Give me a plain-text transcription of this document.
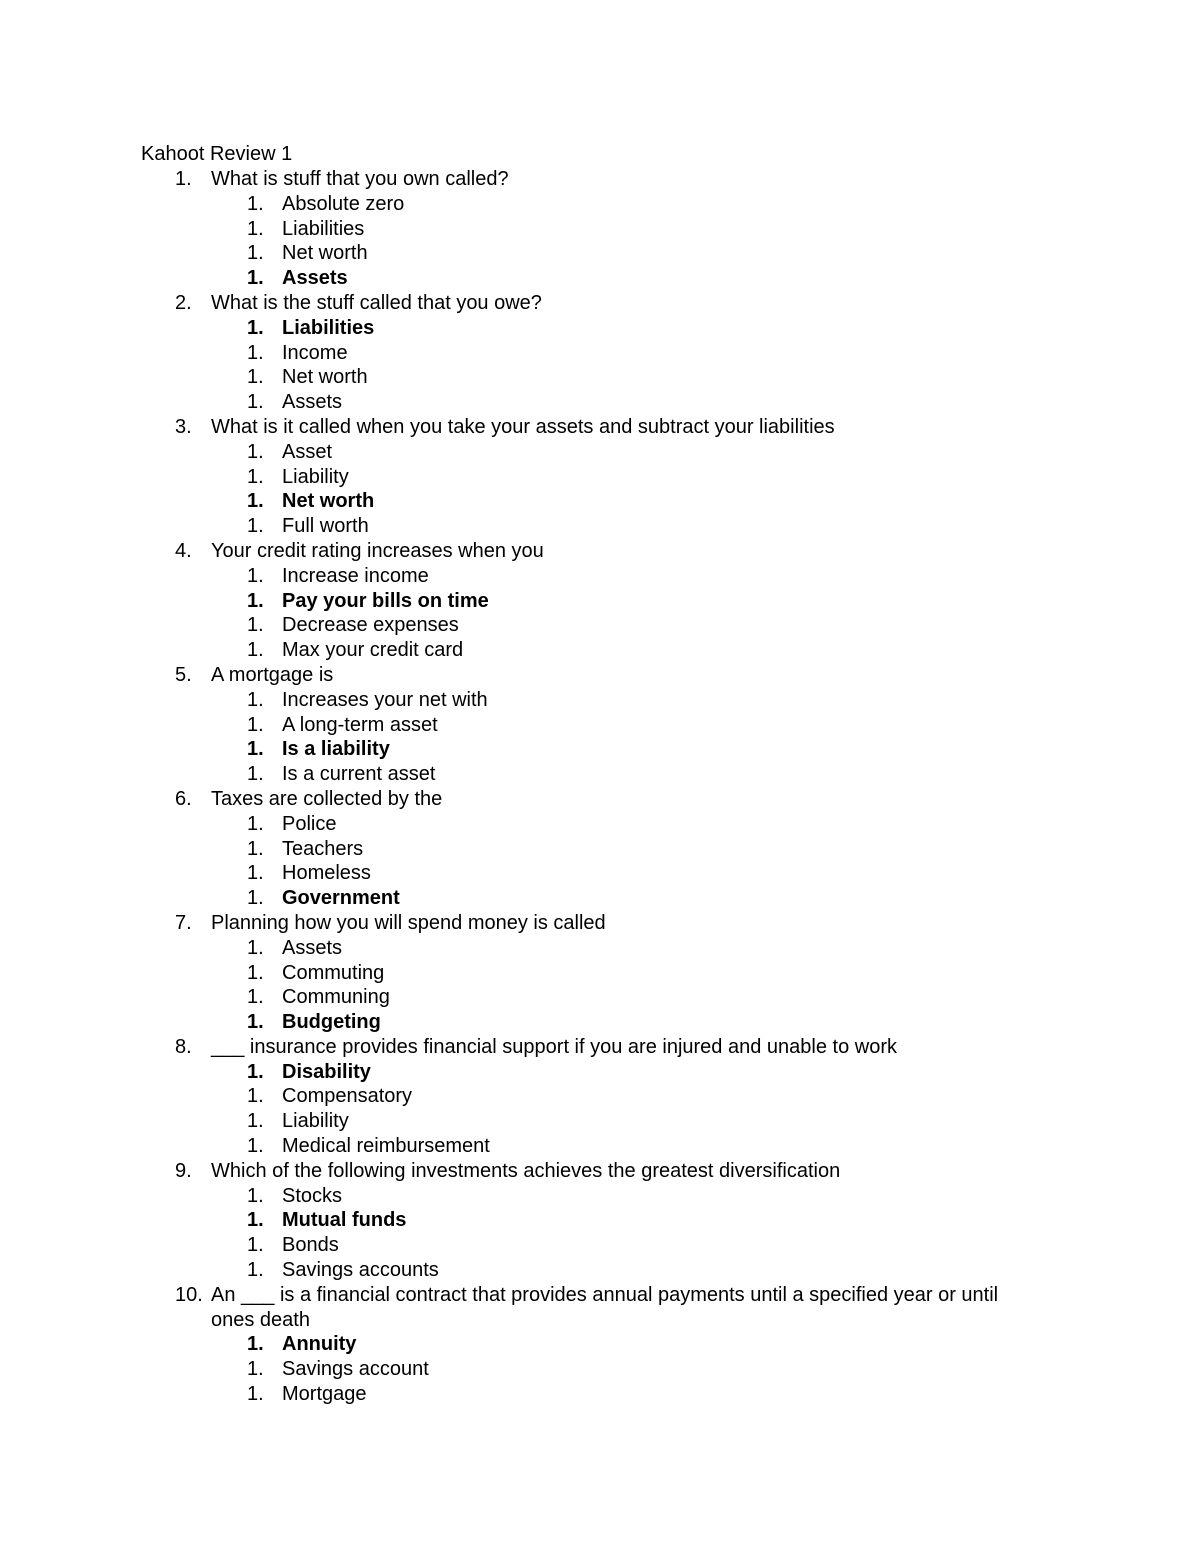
Kahoot Review 1
1. What is stuff that you own called?
1. Absolute zero
1. Liabilities
1. Net worth
1. Assets
2. What is the stuff called that you owe?
1. Liabilities
1. Income
1. Net worth
1. Assets
3. What is it called when you take your assets and subtract your liabilities
1. Asset
1. Liability
1. Net worth
1. Full worth
4. Your credit rating increases when you
1. Increase income
1. Pay your bills on time
1. Decrease expenses
1. Max your credit card
5. A mortgage is
1. Increases your net with
1. A long-term asset
1. Is a liability
1. Is a current asset
6. Taxes are collected by the
1. Police
1. Teachers
1. Homeless
1. Government
7. Planning how you will spend money is called
1. Assets
1. Commuting
1. Communing
1. Budgeting
8. ___ insurance provides financial support if you are injured and unable to work
1. Disability
1. Compensatory
1. Liability
1. Medical reimbursement
9. Which of the following investments achieves the greatest diversification
1. Stocks
1. Mutual funds
1. Bonds
1. Savings accounts
10. An ___ is a financial contract that provides annual payments until a specified year or until ones death
1. Annuity
1. Savings account
1. Mortgage
